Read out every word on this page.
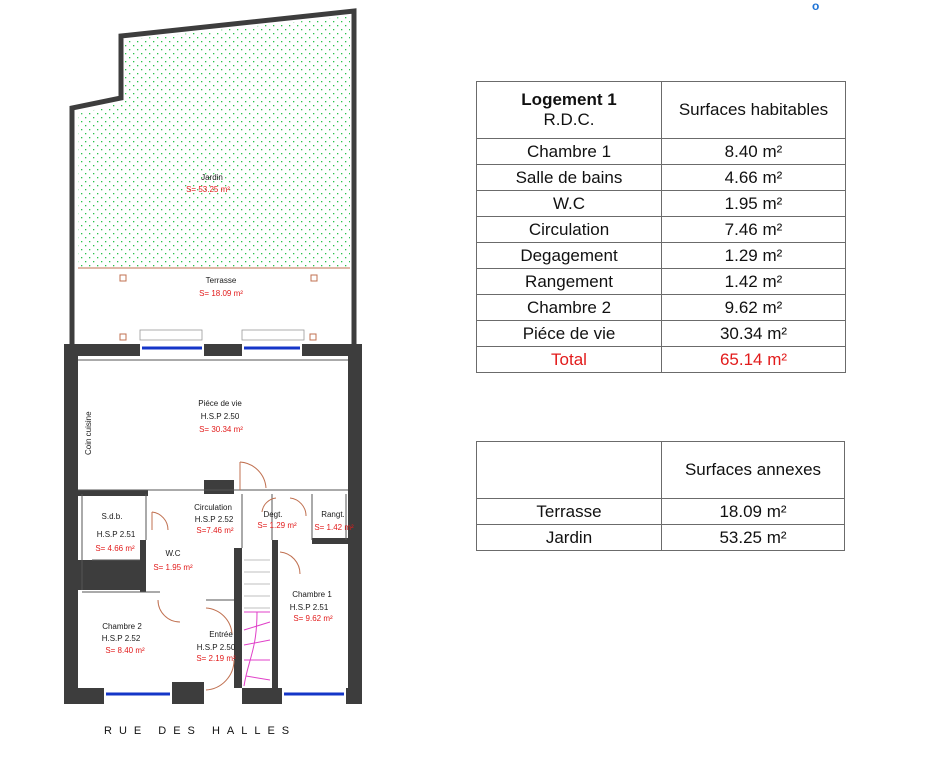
o
Jardin
S= 53.25 m²
Terrasse
S= 18.09 m²
Piéce de vie
H.S.P 2.50
S= 30.34 m²
Coin cuisine
S.d.b.
H.S.P 2.51
S= 4.66 m²
Circulation
H.S.P 2.52
S=7.46 m²
Degt.
S= 1.29 m²
Rangt.
S= 1.42 m²
W.C
S= 1.95 m²
Chambre 1
H.S.P 2.51
S= 9.62 m²
Chambre 2
H.S.P 2.52
S= 8.40 m²
Entrée
H.S.P 2.50
S= 2.19 m²
RUE DES HALLES
Logement 1
R.D.C.	Surfaces habitables
Chambre 1	8.40 m²
Salle de bains	4.66 m²
W.C	1.95 m²
Circulation	7.46 m²
Degagement	1.29 m²
Rangement	1.42 m²
Chambre 2	9.62 m²
Piéce de vie	30.34 m²
Total	65.14 m²
	Surfaces annexes
Terrasse	18.09 m²
Jardin	53.25 m²
